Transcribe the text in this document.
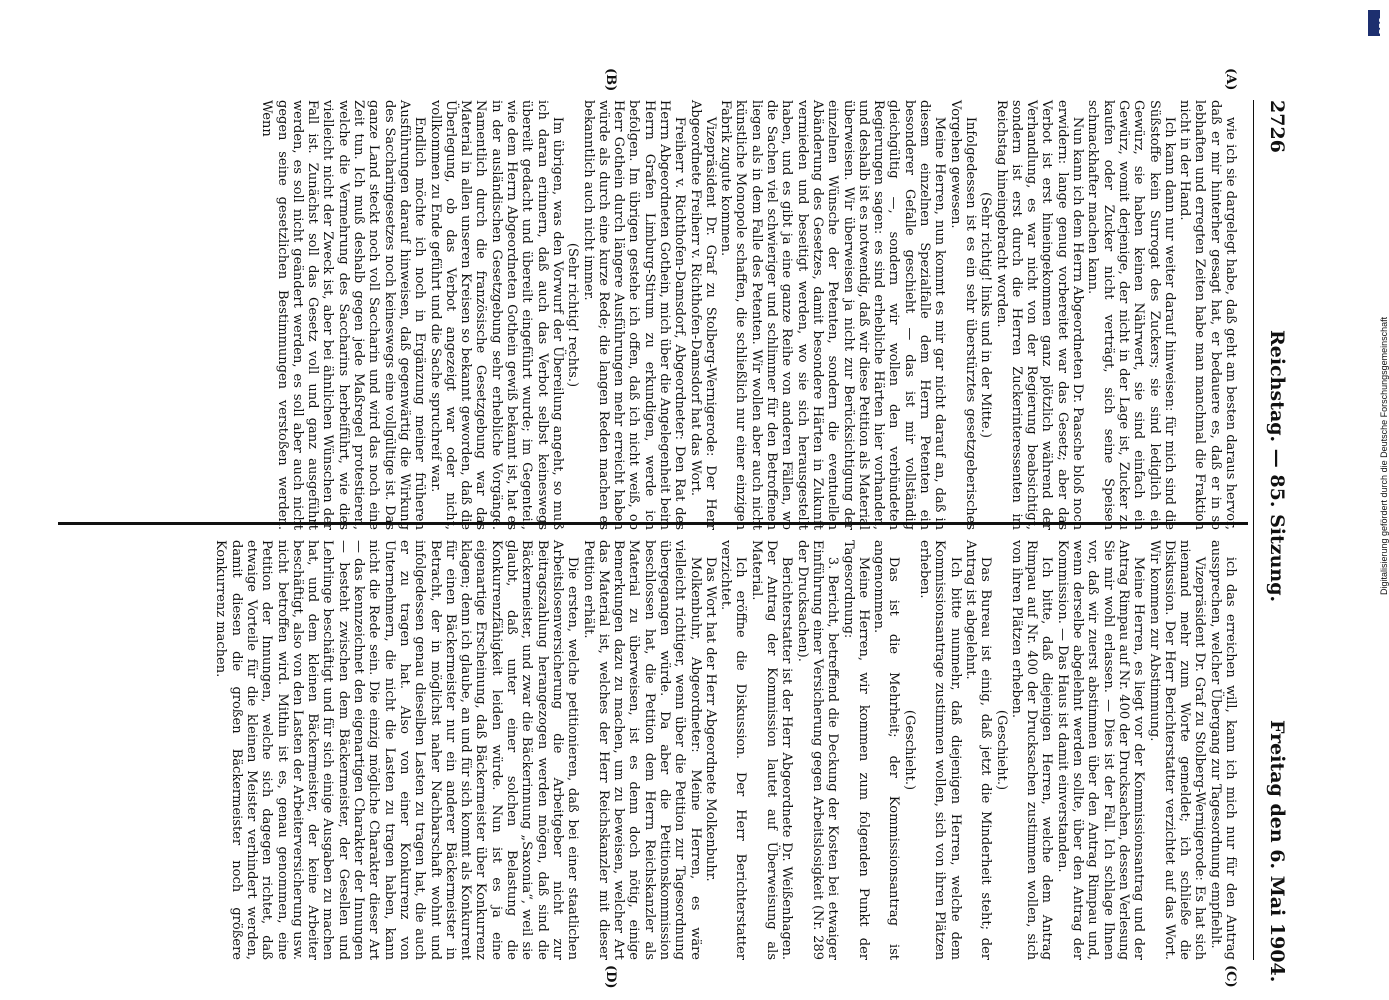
2726
Reichstag. — 85. Sitzung.
Freitag den 6. Mai 1904.
(A)
(B)
(C)
(D)

wie ich sie dargelegt habe, daß geht am besten daraus hervor, daß er mir hinterher gesagt hat, er bedauere es, daß er in so lebhaften und erregten Zeiten habe man manchmal die Fraktion nicht in der Hand.

Ich kann dann nur weiter darauf hinweisen: für mich sind die Süßstoffe kein Surrogat des Zuckers; sie sind lediglich ein Gewürz, sie haben keinen Nährwert, sie sind einfach ein Gewürz, womit derjenige, der nicht in der Lage ist, Zucker zu kaufen oder Zucker nicht verträgt, sich seine Speisen schmackhafter machen kann.

Nun kann ich dem Herrn Abgeordneten Dr. Paasche bloß noch erwidern: lange genug vorbereitet war das Gesetz; aber das Verbot ist erst hineingekommen ganz plötzlich während der Verhandlung, es war nicht von der Regierung beabsichtigt, sondern ist erst durch die Herren Zuckerinteressenten im Reichstag hineingebracht worden.

(Sehr richtig! links und in der Mitte.)

Infolgedessen ist es ein sehr überstürztes gesetzgeberisches Vorgehen gewesen.

Meine Herren, nun kommt es mir gar nicht darauf an, daß in diesem einzelnen Spezialfalle dem Herrn Petenten ein besonderer Gefalle geschieht — das ist mir vollständig gleichgültig —, sondern wir wollen den verbündeten Regierungen sagen: es sind erhebliche Härten hier vorhanden, und deshalb ist es notwendig, daß wir diese Petition als Material überweisen. Wir überweisen ja nicht zur Berücksichtigung der einzelnen Wünsche der Petenten, sondern die eventuellen Abänderung des Gesetzes, damit besondere Härten in Zukunft vermieden und beseitigt werden, wo sie sich herausgestellt haben, und es gibt ja eine ganze Reihe von anderen Fällen, wo die Sachen viel schwieriger und schlimmer für den Betroffenen liegen als in dem Falle des Petenten. Wir wollen aber auch nicht künstliche Monopole schaffen, die schließlich nur einer einzigen Fabrik zugute kommen.

Vizepräsident Dr. Graf zu Stolberg-Wernigerode: Der Herr Abgeordnete Freiherr v. Richthofen-Damsdorf hat das Wort.

Freiherr v. Richthofen-Damsdorf, Abgeordneter: Den Rat des Herrn Abgeordneten Gothein, mich über die Angelegenheit beim Herrn Grafen Limburg-Stirum zu erkundigen, werde ich befolgen. Im übrigen gestehe ich offen, daß ich nicht weiß, ob Herr Gothein durch längere Ausführungen mehr erreicht haben würde als durch eine kurze Rede; die langen Reden machen es bekanntlich auch nicht immer.

(Sehr richtig! rechts.)

Im übrigen, was den Vorwurf der Übereilung angeht, so muß ich daran erinnern, daß auch das Verbot selbst keineswegs übereilt gedacht und übereilt eingeführt wurde; im Gegenteil, wie dem Herrn Abgeordneten Gothein gewiß bekannt ist, hat es in der ausländischen Gesetzgebung sehr erhebliche Vorgänge. Namentlich durch die französische Gesetzgebung war das Material in allen unseren Kreisen so bekannt geworden, daß die Überlegung, ob das Verbot angezeigt war oder nicht, vollkommen zu Ende geführt und die Sache spruchreif war.

Endlich möchte ich noch in Ergänzung meiner früheren Ausführungen darauf hinweisen, daß gegenwärtig die Wirkung des Saccharingesetzes noch keineswegs eine vollgültige ist. Das ganze Land steckt noch voll Saccharin und wird das noch eine Zeit tun. Ich muß deshalb gegen jede Maßregel protestieren, welche die Vermehrung des Saccharins herbeiführt, wie dies vielleicht nicht der Zweck ist, aber bei ähnlichen Wünschen der Fall ist. Zunächst soll das Gesetz voll und ganz ausgeführt werden, es soll nicht geändert werden, es soll aber auch nicht gegen seine gesetzlichen Bestimmungen verstoßen werden. Wenn

ich das erreichen will, kann ich mich nur für den Antrag aussprechen, welcher Übergang zur Tagesordnung empfiehlt.

Vizepräsident Dr. Graf zu Stolberg-Wernigerode: Es hat sich niemand mehr zum Worte gemeldet; ich schließe die Diskussion. Der Herr Berichterstatter verzichtet auf das Wort. Wir kommen zur Abstimmung.

Meine Herren, es liegt vor der Kommissionsantrag und der Antrag Rimpau auf Nr. 400 der Drucksachen, dessen Verlesung Sie mir wohl erlassen. — Dies ist der Fall. Ich schlage Ihnen vor, daß wir zuerst abstimmen über den Antrag Rimpau und, wenn derselbe abgelehnt werden sollte, über den Antrag der Kommission. — Das Haus ist damit einverstanden.

Ich bitte, daß diejenigen Herren, welche dem Antrag Rimpau auf Nr. 400 der Drucksachen zustimmen wollen, sich von ihren Plätzen erheben.

(Geschieht.)

Das Bureau ist einig, daß jetzt die Minderheit steht; der Antrag ist abgelehnt.

Ich bitte nunmehr, daß diejenigen Herren, welche dem Kommissionsantrage zustimmen wollen, sich von ihren Plätzen erheben.

(Geschieht.)

Das ist die Mehrheit; der Kommissionsantrag ist angenommen.

Meine Herren, wir kommen zum folgenden Punkt der Tagesordnung:

3. Bericht, betreffend die Deckung der Kosten bei etwaiger Einführung einer Versicherung gegen Arbeitslosigkeit (Nr. 289 der Drucksachen).

Berichterstatter ist der Herr Abgeordnete Dr. Weißenhagen. Der Antrag der Kommission lautet auf Überweisung als Material.

Ich eröffne die Diskussion. Der Herr Berichterstatter verzichtet.

Das Wort hat der Herr Abgeordnete Molkenbuhr.

Molkenbuhr, Abgeordneter: Meine Herren, es wäre vielleicht richtiger, wenn über die Petition zur Tagesordnung übergegangen würde. Da aber die Petitionskommission beschlossen hat, die Petition dem Herrn Reichskanzler als Material zu überweisen, ist es denn doch nötig, einige Bemerkungen dazu zu machen, um zu beweisen, welcher Art das Material ist, welches der Herr Reichskanzler mit dieser Petition erhält.

Die ersten, welche petitionieren, daß bei einer staatlichen Arbeitslosenversicherung die Arbeitgeber nicht zur Beitragszahlung herangezogen werden mögen, daß sind die Bäckermeister, und zwar die Bäckerinnung „Saxonia“, weil sie glaubt, daß unter einer solchen Belastung die Konkurrenzfähigkeit leiden würde. Nun ist es ja eine eigenartige Erscheinung, daß Bäckermeister über Konkurrenz klagen; denn ich glaube, an und für sich kommt als Konkurrent für einen Bäckermeister nur ein anderer Bäckermeister in Betracht, der in möglichst naher Nachbarschaft wohnt und infolgedessen genau dieselben Lasten zu tragen hat, die auch er zu tragen hat. Also von einer Konkurrenz von Unternehmern, die nicht die Lasten zu tragen haben, kann nicht die Rede sein. Die einzig mögliche Charakter dieser Art — das kennzeichnet den eigenartigen Charakter der Innungen — besteht zwischen dem Bäckermeister, der Gesellen und Lehrlinge beschäftigt und für sich einige Ausgaben zu machen hat, und dem kleinen Bäckermeister, der keine Arbeiter beschäftigt, also von den Lasten der Arbeiterversicherung usw. nicht betroffen wird. Mithin ist es, genau genommen, eine Petition der Innungen, welche sich dagegen richtet, daß etwaige Vorteile für die kleinen Meister verhindert werden, damit diesen die großen Bäckermeister noch größere Konkurrenz machen.

DFG
Digitalisierung gefördert durch die Deutsche Forschungsgemeinschaft
